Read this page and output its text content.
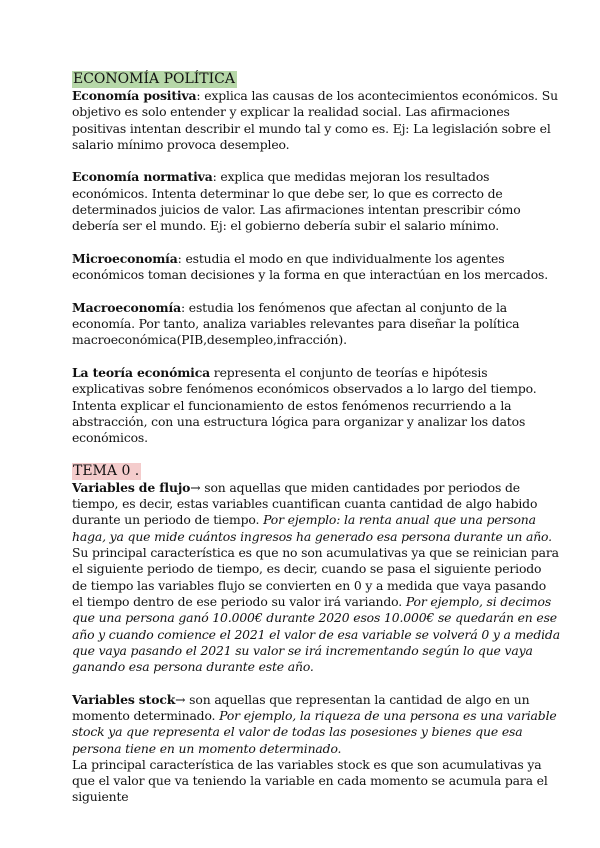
ECONOMÍA POLÍTICA

Economía positiva: explica las causas de los acontecimientos económicos. Su objetivo es solo entender y explicar la realidad social. Las afirmaciones positivas intentan describir el mundo tal y como es. Ej: La legislación sobre el salario mínimo provoca desempleo.

Economía normativa: explica que medidas mejoran los resultados económicos. Intenta determinar lo que debe ser, lo que es correcto de determinados juicios de valor. Las afirmaciones intentan prescribir cómo debería ser el mundo. Ej: el gobierno debería subir el salario mínimo.

Microeconomía: estudia el modo en que individualmente los agentes económicos toman decisiones y la forma en que interactúan en los mercados.

Macroeconomía: estudia los fenómenos que afectan al conjunto de la economía. Por tanto, analiza variables relevantes para diseñar la política macroeconómica(PIB,desempleo,infracción).

La teoría económica representa el conjunto de teorías e hipótesis explicativas sobre fenómenos económicos observados a lo largo del tiempo. Intenta explicar el funcionamiento de estos fenómenos recurriendo a la abstracción, con una estructura lógica para organizar y analizar los datos económicos.

TEMA 0 .

Variables de flujo→ son aquellas que miden cantidades por periodos de tiempo, es decir, estas variables cuantifican cuanta cantidad de algo habido durante un periodo de tiempo. Por ejemplo: la renta anual que una persona haga, ya que mide cuántos ingresos ha generado esa persona durante un año.

Su principal característica es que no son acumulativas ya que se reinician para el siguiente periodo de tiempo, es decir, cuando se pasa el siguiente periodo de tiempo las variables flujo se convierten en 0 y a medida que vaya pasando el tiempo dentro de ese periodo su valor irá variando. Por ejemplo, si decimos que una persona ganó 10.000€ durante 2020 esos 10.000€ se quedarán en ese año y cuando comience el 2021 el valor de esa variable se volverá 0 y a medida que vaya pasando el 2021 su valor se irá incrementando según lo que vaya ganando esa persona durante este año.

Variables stock→ son aquellas que representan la cantidad de algo en un momento determinado. Por ejemplo, la riqueza de una persona es una variable stock ya que representa el valor de todas las posesiones y bienes que esa persona tiene en un momento determinado.

La principal característica de las variables stock es que son acumulativas ya que el valor que va teniendo la variable en cada momento se acumula para el siguiente
